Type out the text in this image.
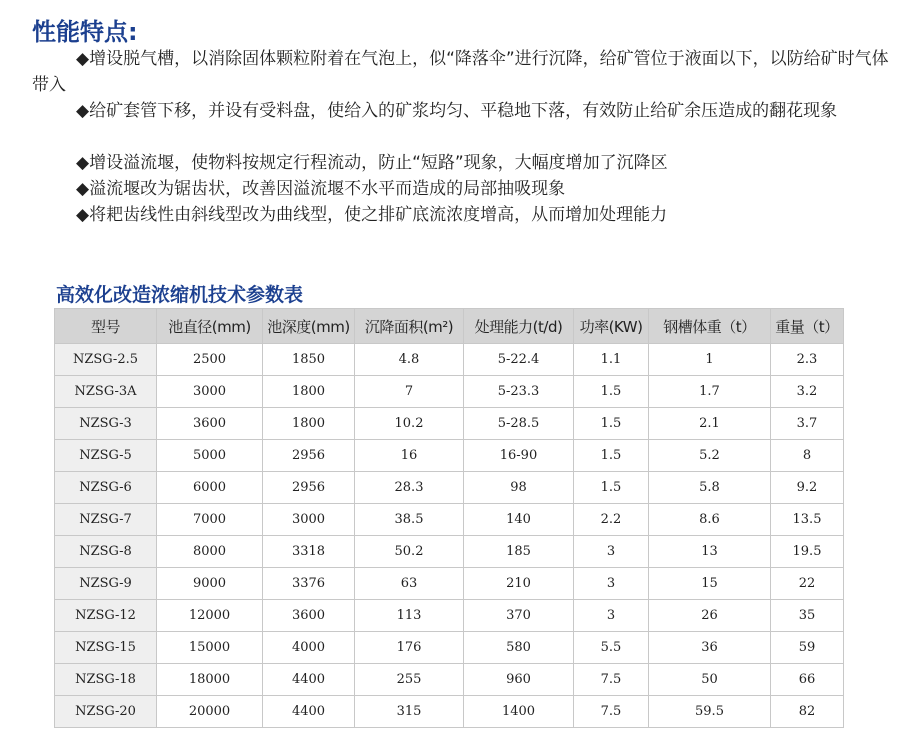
性能特点:
◆增设脱气槽，以消除固体颗粒附着在气泡上，似“降落伞”进行沉降，给矿管位于液面以下，以防给矿时气体带入
◆给矿套管下移，并设有受料盘，使给入的矿浆均匀、平稳地下落，有效防止给矿余压造成的翻花现象
◆增设溢流堰，使物料按规定行程流动，防止“短路”现象，大幅度增加了沉降区
◆溢流堰改为锯齿状，改善因溢流堰不水平而造成的局部抽吸现象
◆将耙齿线性由斜线型改为曲线型，使之排矿底流浓度增高，从而增加处理能力
高效化改造浓缩机技术参数表
型号	池直径(mm)	池深度(mm)	沉降面积(m²)	处理能力(t/d)	功率(KW)	钢槽体重（t）	重量（t）
NZSG-2.5	2500	1850	4.8	5-22.4	1.1	1	2.3
NZSG-3A	3000	1800	7	5-23.3	1.5	1.7	3.2
NZSG-3	3600	1800	10.2	5-28.5	1.5	2.1	3.7
NZSG-5	5000	2956	16	16-90	1.5	5.2	8
NZSG-6	6000	2956	28.3	98	1.5	5.8	9.2
NZSG-7	7000	3000	38.5	140	2.2	8.6	13.5
NZSG-8	8000	3318	50.2	185	3	13	19.5
NZSG-9	9000	3376	63	210	3	15	22
NZSG-12	12000	3600	113	370	3	26	35
NZSG-15	15000	4000	176	580	5.5	36	59
NZSG-18	18000	4400	255	960	7.5	50	66
NZSG-20	20000	4400	315	1400	7.5	59.5	82
